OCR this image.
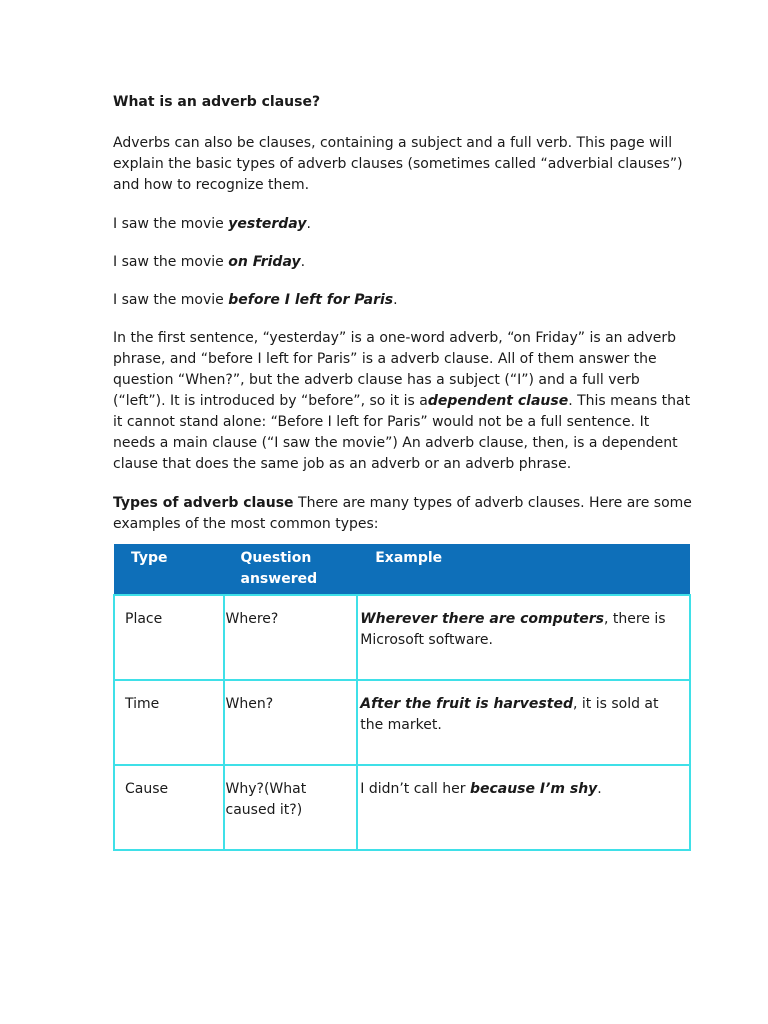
What is an adverb clause?
Adverbs can also be clauses, containing a subject and a full verb. This page will explain the basic types of adverb clauses (sometimes called “adverbial clauses”) and how to recognize them.
I saw the movie yesterday.
I saw the movie on Friday.
I saw the movie before I left for Paris.
In the first sentence, “yesterday” is a one-word adverb, “on Friday” is an adverb phrase, and “before I left for Paris” is a adverb clause. All of them answer the question “When?”, but the adverb clause has a subject (“I”) and a full verb (“left”). It is introduced by “before”, so it is adependent clause. This means that it cannot stand alone: “Before I left for Paris” would not be a full sentence. It needs a main clause (“I saw the movie”) An adverb clause, then, is a dependent clause that does the same job as an adverb or an adverb phrase.
Types of adverb clause There are many types of adverb clauses. Here are some examples of the most common types:
Type	Question answered	Example
Place	Where?	Wherever there are computers, there is Microsoft software.
Time	When?	After the fruit is harvested, it is sold at the market.
Cause	Why?(What caused it?)	I didn’t call her because I’m shy.
